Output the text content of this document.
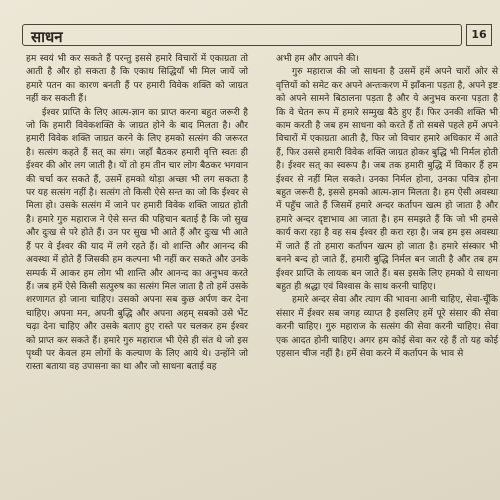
साधन	16

हम स्वयं भी कर सकते हैं परन्तु इससे हमारे विचारों में एकाग्रता तो आती है और हो सकता है कि एकाध सिद्धियाँ भी मिल जायें जो हमारे पतन का कारण बनती हैं पर हमारी विवेक शक्ति को जाग्रत नहीं कर सकती हैं।

ईश्वर प्राप्ति के लिए आत्म-ज्ञान का प्राप्त करना बहुत जरूरी है जो कि हमारी विवेकशक्ति के जाग्रत होने के बाद मिलता है। और हमारी विवेक शक्ति जाग्रत करने के लिए हमको सत्संग की जरूरत है। सत्संग कहते हैं सत् का संग। जहाँ बैठकर हमारी वृत्ति स्वतः ही ईश्वर की ओर लग जाती है। यों तो हम तीन चार लोग बैठकर भगवान की चर्चा कर सकते हैं, उसमें हमको थोड़ा अच्छा भी लग सकता है पर यह सत्संग नहीं है। सत्संग तो किसी ऐसे सन्त का जो कि ईश्वर से मिला हो। उसके सत्संग में जाने पर हमारी विवेक शक्ति जाग्रत होती है। हमारे गुरु महाराज ने ऐसे सन्त की पहिचान बताई है कि जो सुख और दुःख से परे होते हैं। उन पर सुख भी आते हैं और दुःख भी आते हैं पर वे ईश्वर की याद में लगे रहते हैं। वो शान्ति और आनन्द की अवस्था में होते हैं जिसकी हम कल्पना भी नहीं कर सकते और उनके सम्पर्क में आकर हम लोग भी शान्ति और आनन्द का अनुभव करते हैं। जब हमें ऐसे किसी सत्पुरुष का सत्संग मिल जाता है तो हमें उसके शरणागत हो जाना चाहिए। उसको अपना सब कुछ अर्पण कर देना चाहिए। अपना मन, अपनी बुद्धि और अपना अहम् सबको उसे भेंट चढ़ा देना चाहिए और उसके बताए हुए रास्ते पर चलकर हम ईश्वर को प्राप्त कर सकते हैं। हमारे गुरु महाराज भी ऐसे ही संत थे जो इस पृथ्वी पर केवल हम लोगों के कल्याण के लिए आये थे। उन्होंने जो रास्ता बताया वह उपासना का था और जो साधना बताई वह

अभी हम और आपने की।

गुरु महाराज की जो साधना है उसमें हमें अपने चारों ओर से वृत्तियों को समेट कर अपने अन्तःकरण में झाँकना पड़ता है, अपने इष्ट को अपने सामने बिठालना पड़ता है और ये अनुभव करना पड़ता है कि वे चेतन रूप में हमारे सम्मुख बैठे हुए हैं। फिर उनकी शक्ति भी काम करती है जब हम साधना को करते हैं तो सबसे पहले हमें अपने विचारों में एकाग्रता आती है, फिर जो विचार हमारे अधिकार में आते हैं, फिर उससे हमारी विवेक शक्ति जाग्रत होकर बुद्धि भी निर्मल होती है। ईश्वर सत् का स्वरूप है। जब तक हमारी बुद्धि में विकार हैं हम ईश्वर से नहीं मिल सकते। उनका निर्मल होना, उनका पवित्र होना बहुत जरूरी है, इससे हमको आत्म-ज्ञान मिलता है। हम ऐसी अवस्था में पहुँच जाते हैं जिसमें हमारे अन्दर कर्तापन खत्म हो जाता है और हमारे अन्दर दृष्टाभाव आ जाता है। हम समझते हैं कि जो भी हमसे कार्य करा रहा है वह सब ईश्वर ही करा रहा है। जब हम इस अवस्था में जाते हैं तो हमारा कर्तापन खत्म हो जाता है। हमारे संस्कार भी बनने बन्द हो जाते हैं, हमारी बुद्धि निर्मल बन जाती है और तब हम ईश्वर प्राप्ति के लायक बन जाते हैं। बस इसके लिए हमको ये साधना बहुत ही श्रद्धा एवं विश्वास के साथ करनी चाहिए।

हमारे अन्दर सेवा और त्याग की भावना आनी चाहिए, सेवा-चूँकि संसार में ईश्वर सब जगह व्याप्त है इसलिए हमें पूरे संसार की सेवा करनी चाहिए। गुरु महाराज के सत्संग की सेवा करनी चाहिए। सेवा एक आदत होनी चाहिए। अगर हम कोई सेवा कर रहे हैं तो यह कोई एहसान चीज नहीं है। हमें सेवा करने में कर्तापन के भाव से
